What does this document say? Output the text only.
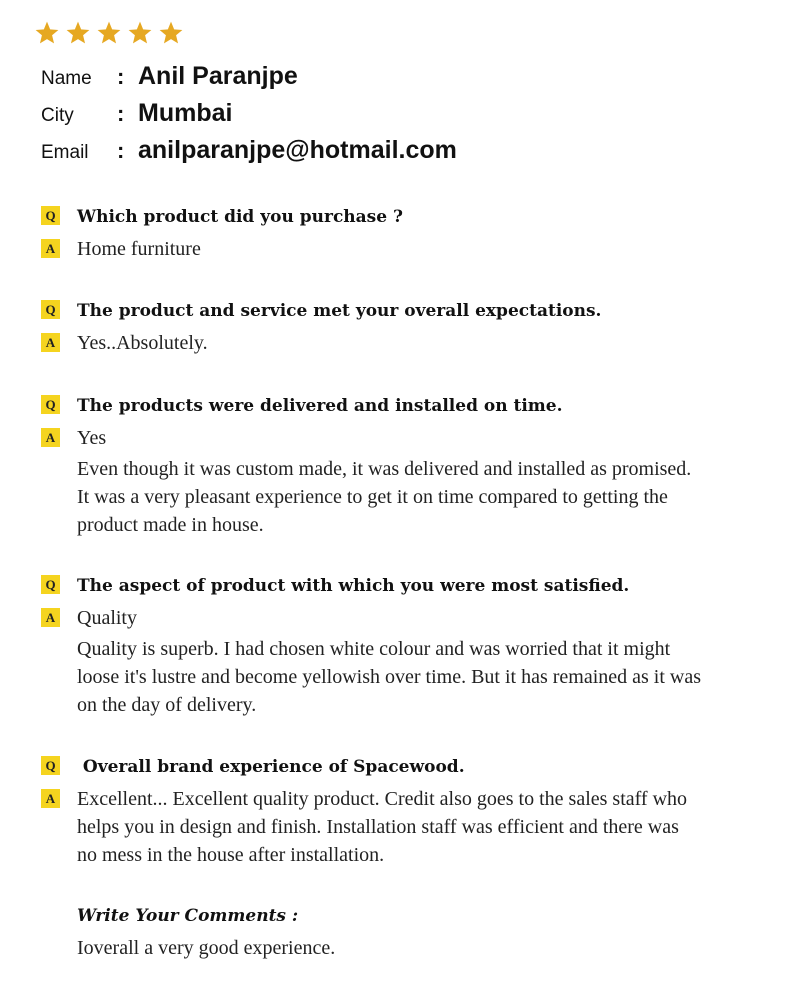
Name : Anil Paranjpe
City : Mumbai
Email : anilparanjpe@hotmail.com
Q Which product did you purchase ?
A Home furniture
Q The product and service met your overall expectations.
A Yes..Absolutely.
Q The products were delivered and installed on time.
A Yes
Even though it was custom made, it was delivered and installed as promised.
It was a very pleasant experience to get it on time compared to getting the
product made in house.
Q The aspect of product with which you were most satisfied.
A Quality
Quality is superb. I had chosen white colour and was worried that it might
loose it's lustre and become yellowish over time. But it has remained as it was
on the day of delivery.
Q Overall brand experience of Spacewood.
A Excellent... Excellent quality product. Credit also goes to the sales staff who
helps you in design and finish. Installation staff was efficient and there was
no mess in the house after installation.
Write Your Comments :
Ioverall a very good experience.
